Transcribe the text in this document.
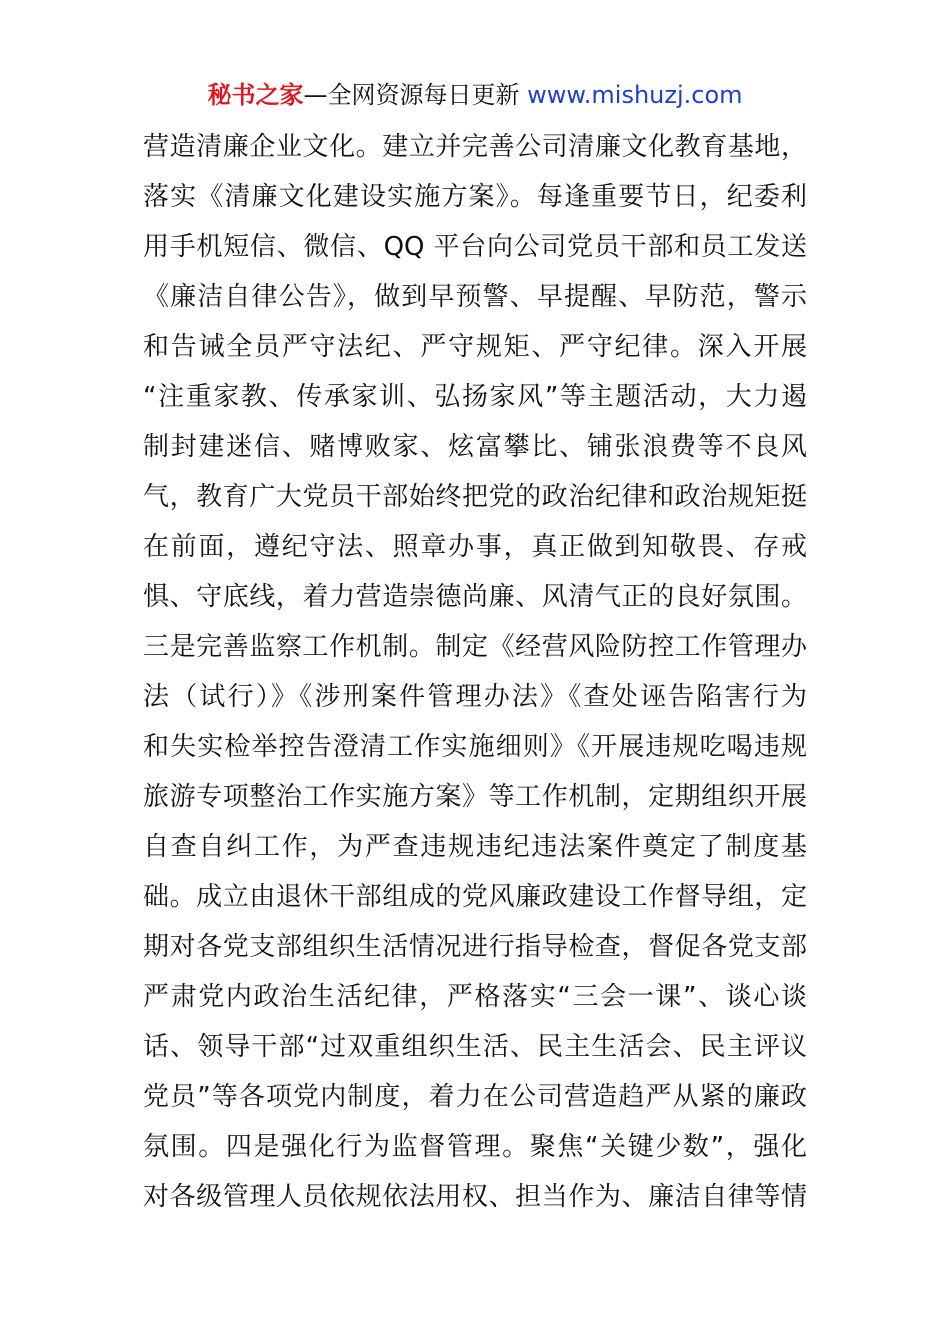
秘书之家—全网资源每日更新 www.mishuzj.com
营造清廉企业文化。建立并完善公司清廉文化教育基地，
落实《清廉文化建设实施方案》。每逢重要节日，纪委利
用手机短信、微信、QQ 平台向公司党员干部和员工发送
《廉洁自律公告》，做到早预警、早提醒、早防范，警示
和告诫全员严守法纪、严守规矩、严守纪律。深入开展
“注重家教、传承家训、弘扬家风”等主题活动，大力遏
制封建迷信、赌博败家、炫富攀比、铺张浪费等不良风
气，教育广大党员干部始终把党的政治纪律和政治规矩挺
在前面，遵纪守法、照章办事，真正做到知敬畏、存戒
惧、守底线，着力营造崇德尚廉、风清气正的良好氛围。
三是完善监察工作机制。制定《经营风险防控工作管理办
法（试行）》《涉刑案件管理办法》《查处诬告陷害行为
和失实检举控告澄清工作实施细则》《开展违规吃喝违规
旅游专项整治工作实施方案》等工作机制，定期组织开展
自查自纠工作，为严查违规违纪违法案件奠定了制度基
础。成立由退休干部组成的党风廉政建设工作督导组，定
期对各党支部组织生活情况进行指导检查，督促各党支部
严肃党内政治生活纪律，严格落实“三会一课”、谈心谈
话、领导干部“过双重组织生活、民主生活会、民主评议
党员”等各项党内制度，着力在公司营造趋严从紧的廉政
氛围。四是强化行为监督管理。聚焦“关键少数”，强化
对各级管理人员依规依法用权、担当作为、廉洁自律等情
